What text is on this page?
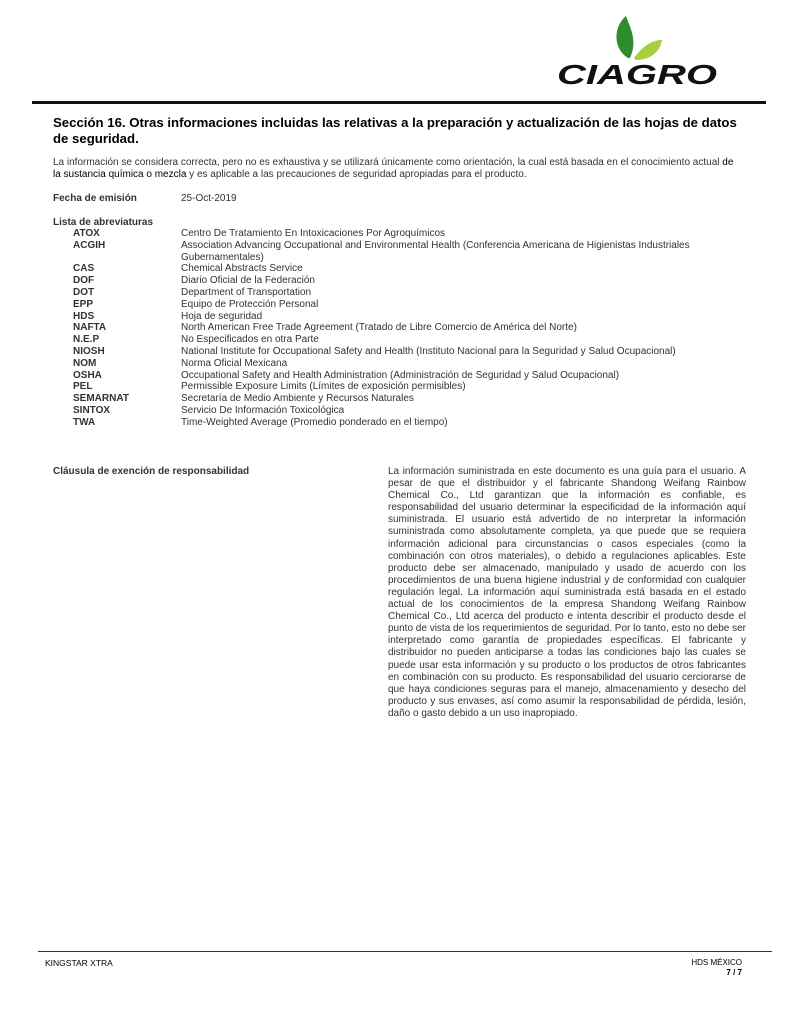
CIAGRO
Sección 16. Otras informaciones incluidas las relativas a la preparación y actualización de las hojas de datos de seguridad.
La información se considera correcta, pero no es exhaustiva y se utilizará únicamente como orientación, la cual está basada en el conocimiento actual de la sustancia química o mezcla y es aplicable a las precauciones de seguridad apropiadas para el producto.
Fecha de emisión	25-Oct-2019
Lista de abreviaturas
ATOX	Centro De Tratamiento En Intoxicaciones Por Agroquímicos
ACGIH	Association Advancing Occupational and Environmental Health (Conferencia Americana de Higienistas Industriales Gubernamentales)
CAS	Chemical Abstracts Service
DOF	Diario Oficial de la Federación
DOT	Department of Transportation
EPP	Equipo de Protección Personal
HDS	Hoja de seguridad
NAFTA	North American Free Trade Agreement (Tratado de Libre Comercio de América del Norte)
N.E.P	No Especificados en otra Parte
NIOSH	National Institute for Occupational Safety and Health (Instituto Nacional para la Seguridad y Salud Ocupacional)
NOM	Norma Oficial Mexicana
OSHA	Occupational Safety and Health Administration (Administración de Seguridad y Salud Ocupacional)
PEL	Permissible Exposure Limits (Límites de exposición permisibles)
SEMARNAT	Secretaría de Medio Ambiente y Recursos Naturales
SINTOX	Servicio De Información Toxicológica
TWA	Time-Weighted Average (Promedio ponderado en el tiempo)
Cláusula de exención de responsabilidad	La información suministrada en este documento es una guía para el usuario. A pesar de que el distribuidor y el fabricante Shandong Weifang Rainbow Chemical Co., Ltd garantizan que la información es confiable, es responsabilidad del usuario determinar la especificidad de la información aquí suministrada. El usuario está advertido de no interpretar la información suministrada como absolutamente completa, ya que puede que se requiera información adicional para circunstancias o casos especiales (como la combinación con otros materiales), o debido a regulaciones aplicables. Este producto debe ser almacenado, manipulado y usado de acuerdo con los procedimientos de una buena higiene industrial y de conformidad con cualquier regulación legal. La información aquí suministrada está basada en el estado actual de los conocimientos de la empresa Shandong Weifang Rainbow Chemical Co., Ltd acerca del producto e intenta describir el producto desde el punto de vista de los requerimientos de seguridad. Por lo tanto, esto no debe ser interpretado como garantía de propiedades específicas. El fabricante y distribuidor no pueden anticiparse a todas las condiciones bajo las cuales se puede usar esta información y su producto o los productos de otros fabricantes en combinación con su producto. Es responsabilidad del usuario cerciorarse de que haya condiciones seguras para el manejo, almacenamiento y desecho del producto y sus envases, así como asumir la responsabilidad de pérdida, lesión, daño o gasto debido a un uso inapropiado.
KINGSTAR XTRA	HDS MÉXICO
7 / 7
